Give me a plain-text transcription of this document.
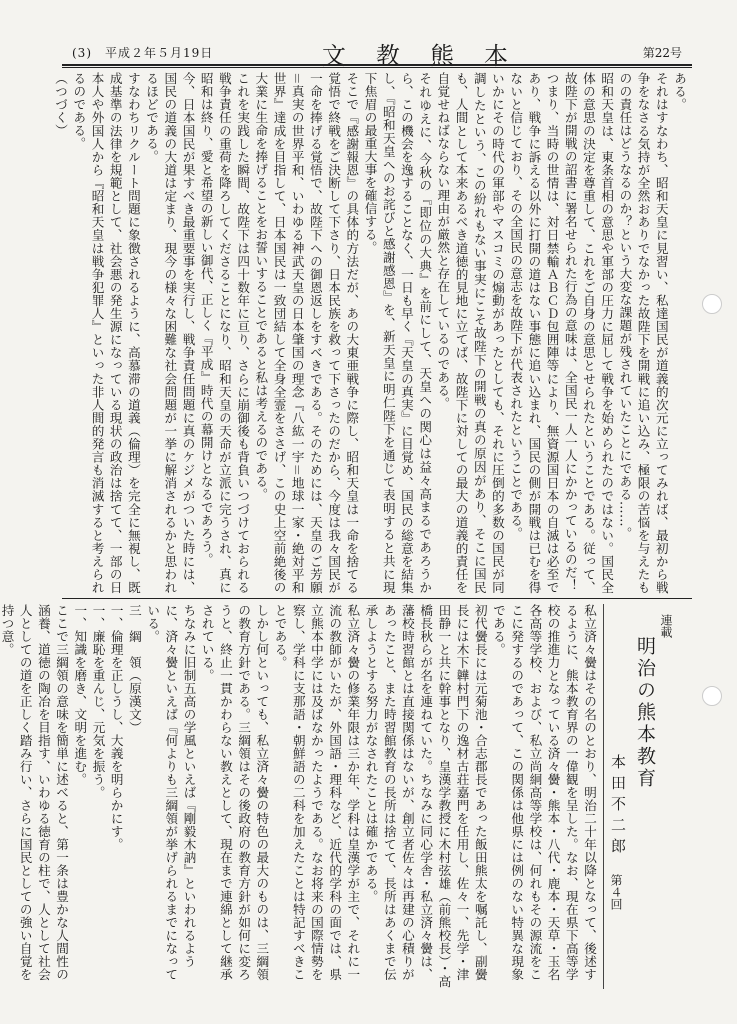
(3)　平成２年５月19日	文教熊本	第22号
ある。
それはすなわち、昭和天皇に見習い、私達国民が道義的次元に立ってみれば、最初から戦争をなさる気持が全然おありでなかった故陛下を開戦に追い込み、極限の苦悩を与えたものの責任はどうなるのか？という大変な課題が残されていたことにである……。
昭和天皇は、東条首相の意思や軍部の圧力に屈して戦争を始められたのではない。国民全体の意思の決定を尊重して、これをご自身の意思とせられたということである。従って、故陛下が開戦の詔書に署名せられた行為の意味は、全国民一人一人にかかっているのだ！
つまり、当時の世情は、対日禁輸ＡＢＣＤ包囲陣等により、無資源国日本の自滅は必至であり、戦争に訴える以外に打開の道はない事態に追い込まれ、国民の側が開戦は已むを得ないと信じており、その全国民の意志を故陛下が代表されたということである。
いかにその時代の軍部やマスコミの煽動があったとしても、それに圧倒的多数の国民が同調したという、この紛れもない事実にこそ故陛下の開戦の真の原因があり、そこに国民も、人間として本来あるべき道徳的見地に立てば、故陛下に対しての最大の道義的責任を自覚せねばならない理由が厳然と存在しているのである。
それゆえに、今秋の『即位の大典』を前にして、天皇への関心は益々高まるであろうから、この機会を逸することなく、一日も早く『天皇の真実』に目覚め、国民の総意を結集し、『昭和天皇へのお詫びと感謝感恩』を、新天皇に明仁陛下を通じて表明すると共に現下焦眉の最重大事を確信する。
そこで『感謝報恩』の具体的方法だが、あの大東亜戦争に際し、昭和天皇は一命を捨てる覚悟で終戦をご決断して下さり、日本民族を救って下さったのだから、今度は我々国民が一命を捧げる覚悟で、故陛下への御恩返しをすべきである。そのためには、天皇のご芳願＝真実の世界平和、いわゆる神武天皇の日本肇国の理念『八紘一宇＝地球一家・絶対平和世界』達成を目指して、日本国民は一致団結して全身全霊をささげ、この史上空前絶後の大業に生命を捧げることをお誓いすることであると私は考えるのである。
これを実践した瞬間、故陛下は四十数年に亘り、さらに崩御後も背負いつづけておられる戦争責任の重荷を降ろしてくださることになり、昭和天皇の天命が立派に完うされ、真に昭和は終り、愛と希望の新しい御代、正しく『平成』時代の幕開けとなるであろう。
今、日本国民が果すべき最重要事を実行し、戦争責任問題に真のケジメがついた時には、国民の道義の大道は定まり、現今の様々な困難な社会問題が一挙に解消されるかと思われるほどである。
すなわちリクルート問題に象徴されるように、高慕滞の道義（倫理）を完全に無視し、既成基準の法律を規範として、社会悪の発生源になっている現状の政治は捨てて、一部の日本人や外国人から『昭和天皇は戦争犯罪人』といった非人間的発言も消滅すると考えられるのである。
（つづく）
連載
明治の熊本教育
本田不二郎
第４回
私立済々黌はその名のとおり、明治二十年以降となって、後述するように、熊本教育界の一偉観を呈した。なお、現在県下高等学校の推進力となっている済々黌・熊本・八代・鹿本・天草・玉名各高等学校、および、私立尚絅高等学校は、何れもその源流をここに発するのであって、この関係は他県には例のない特異な現象である。
初代黌長には元菊池・合志郡長であった飯田熊太を嘱託し、副黌長には木下韡村門下の逸材古荘嘉門を任用し、佐々一、先学・津田静一と共に幹事となり、皇漢学教授に木村弦雄（前熊校長）・高橋長秋らが名を連ねていた。ちなみに同心学舎・私立済々黌は、藩校時習館とは直接関係はないが、創立者佐々は再建の心積りがあったこと、また時習館教育の長所は捨てて、長所はあくまで伝承しようとする努力がなされたことは確かである。
私立済々黌の修業年限は三か年、学科は皇漢学が主で、それに一流の教師がいたが、外国語・理科など、近代的学科の面では、県立熊本中学には及ばなかったようである。なお将来の国際情勢を察し、学科に支那語・朝鮮語の二科を加えたことは特記すべきことである。
しかし何といっても、私立済々黌の特色の最大のものは、三綱領の教育方針である。三綱領はその後政府の教育方針が如何に変ろうと、終止一貫かわらない教えとして、現在まで連綿として継承されている。
ちなみに旧制五高の学風といえば『剛毅木訥』といわれるように、済々黌といえば『何よりも三綱領が挙げられるまでになっている。
三　綱　領（原漢文）
一、倫理を正しうし、大義を明らかにす。
一、廉恥を重んじ、元気を振う。
一、知識を磨き、文明を進む。
ここで三綱領の意味を簡単に述べると、第一条は豊かな人間性の涵養、道徳の陶冶を目指す、いわゆる徳育の柱で、人として社会人としての道を正しく踏み行い、さらに国民としての強い自覚を持つ意。
